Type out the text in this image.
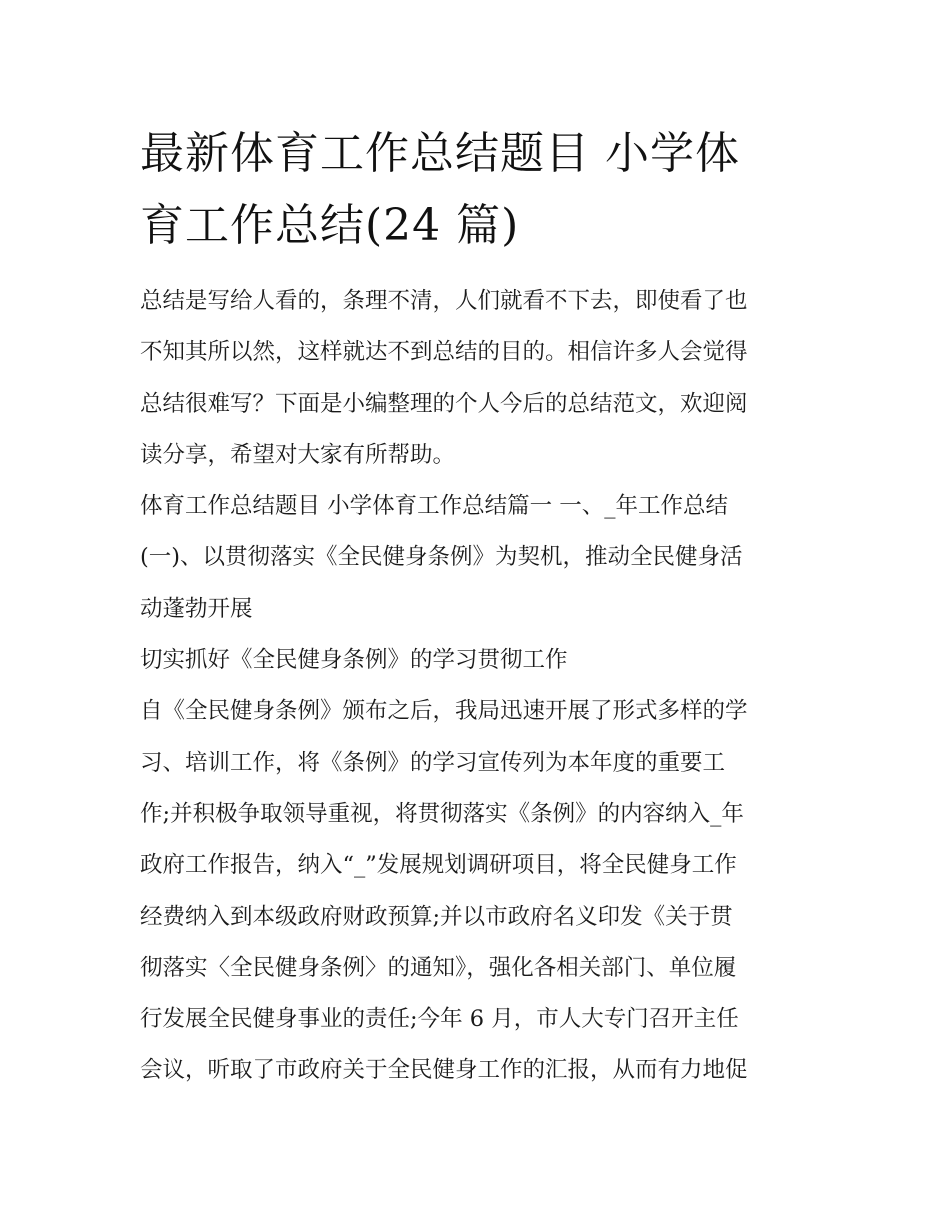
最新体育工作总结题目 小学体
育工作总结(24 篇)
总结是写给人看的，条理不清，人们就看不下去，即使看了也
不知其所以然，这样就达不到总结的目的。相信许多人会觉得
总结很难写？下面是小编整理的个人今后的总结范文，欢迎阅
读分享，希望对大家有所帮助。
体育工作总结题目 小学体育工作总结篇一 一、_年工作总结
(一)、以贯彻落实《全民健身条例》为契机，推动全民健身活
动蓬勃开展
切实抓好《全民健身条例》的学习贯彻工作
自《全民健身条例》颁布之后，我局迅速开展了形式多样的学
习、培训工作，将《条例》的学习宣传列为本年度的重要工
作;并积极争取领导重视，将贯彻落实《条例》的内容纳入_年
政府工作报告，纳入“_”发展规划调研项目，将全民健身工作
经费纳入到本级政府财政预算;并以市政府名义印发《关于贯
彻落实〈全民健身条例〉的通知》，强化各相关部门、单位履
行发展全民健身事业的责任;今年 6 月，市人大专门召开主任
会议，听取了市政府关于全民健身工作的汇报，从而有力地促
